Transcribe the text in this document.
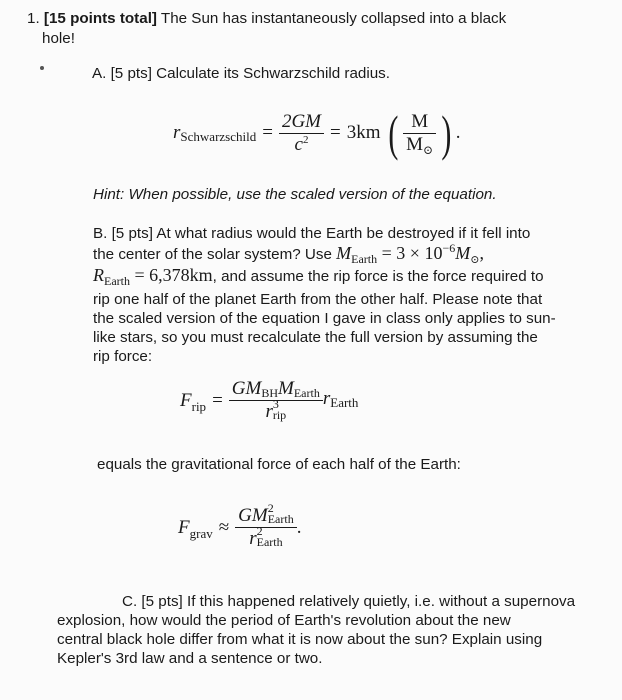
1. [15 points total] The Sun has instantaneously collapsed into a black
hole!
A. [5 pts] Calculate its Schwarzschild radius.
r Schwarzschild = $\frac{2GM}{c^2} = 3km$ ( $\frac{M}{M_⊙}$ ) .
Hint: When possible, use the scaled version of the equation.
B. [5 pts] At what radius would the Earth be destroyed if it fell into
the center of the solar system? Use $M_{Earth} = 3 \times 10^{-6}M_⊙$,
$R_{Earth} = 6,378km$, and assume the rip force is the force required to
rip one half of the planet Earth from the other half. Please note that
the scaled version of the equation I gave in class only applies to sun-
like stars, so you must recalculate the full version by assuming the
rip force:
F rip = GMBHMEarth
r 3
rip r Earth
equals the gravitational force of each half of the Earth:
F grav ≈ GM 2
Earth
r 2
Earth .
C. [5 pts] If this happened relatively quietly, i.e. without a supernova
explosion, how would the period of Earth's revolution about the new
central black hole differ from what it is now about the sun? Explain using
Kepler's 3rd law and a sentence or two.
